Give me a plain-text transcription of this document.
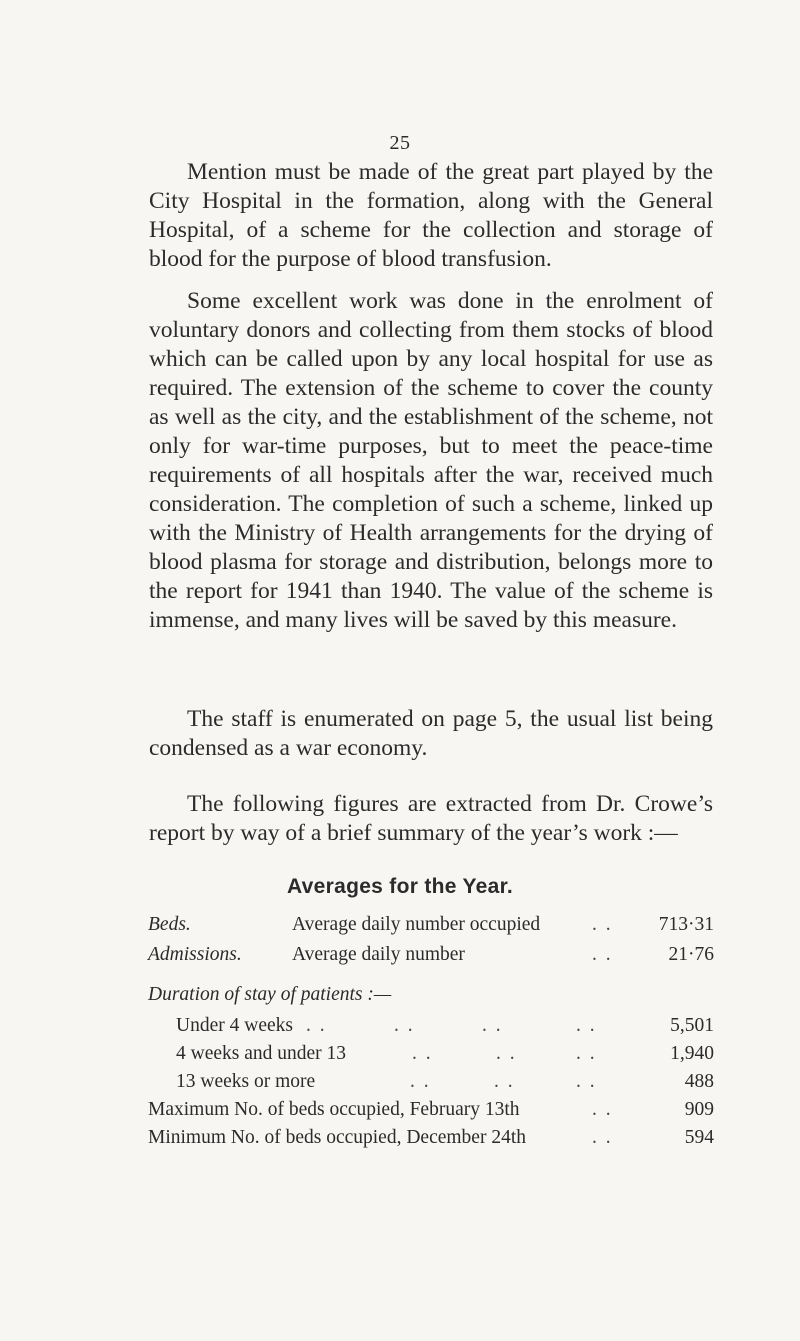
25

Mention must be made of the great part played by the City Hospital in the formation, along with the General Hospital, of a scheme for the collection and storage of blood for the purpose of blood transfusion.

Some excellent work was done in the enrolment of voluntary donors and collecting from them stocks of blood which can be called upon by any local hospital for use as required. The extension of the scheme to cover the county as well as the city, and the establishment of the scheme, not only for war-time purposes, but to meet the peace-time requirements of all hospitals after the war, received much consideration. The completion of such a scheme, linked up with the Ministry of Health arrangements for the drying of blood plasma for storage and distribution, belongs more to the report for 1941 than 1940. The value of the scheme is immense, and many lives will be saved by this measure.

The staff is enumerated on page 5, the usual list being condensed as a war economy.

The following figures are extracted from Dr. Crowe’s report by way of a brief summary of the year’s work :—

Averages for the Year.
Beds.	Average daily number occupied	. . 713·31
Admissions.	Average daily number	. .	21·76
Duration of stay of patients :—
Under 4 weeks . .	. .	. .	. .	5,501
4 weeks and under 13	. .	. .	. .	1,940
13 weeks or more	. .	. .	. .	488
Maximum No. of beds occupied, February 13th	. .	909
Minimum No. of beds occupied, December 24th	. .	594
